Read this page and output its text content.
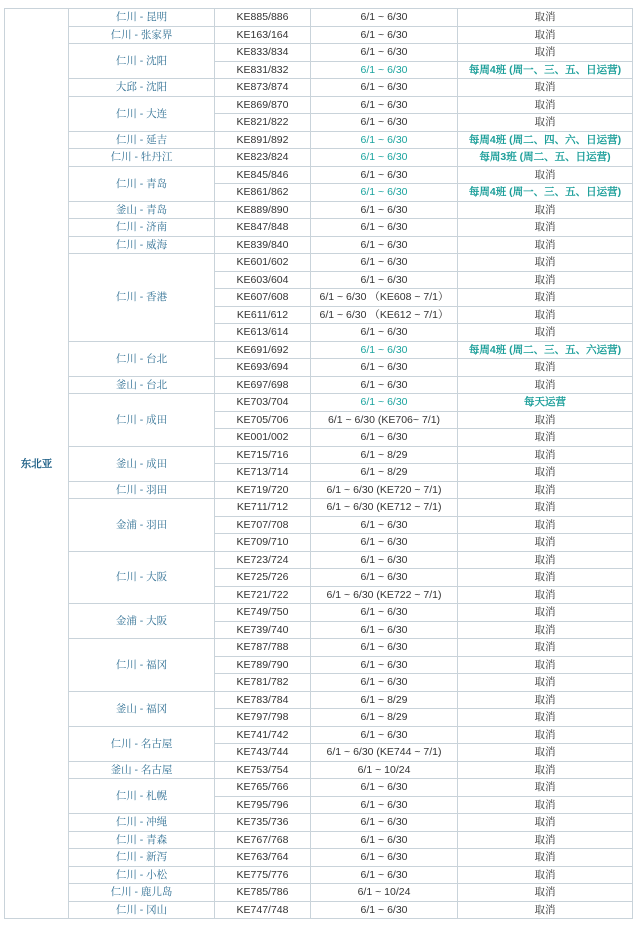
东北亚	仁川 - 昆明	KE885/886	6/1 ~ 6/30	取消
	仁川 - 张家界	KE163/164	6/1 ~ 6/30	取消
	仁川 - 沈阳	KE833/834	6/1 ~ 6/30	取消
		KE831/832	6/1 ~ 6/30	每周4班 (周一、三、五、日运营)
	大邱 - 沈阳	KE873/874	6/1 ~ 6/30	取消
	仁川 - 大连	KE869/870	6/1 ~ 6/30	取消
		KE821/822	6/1 ~ 6/30	取消
	仁川 - 延吉	KE891/892	6/1 ~ 6/30	每周4班 (周二、四、六、日运营)
	仁川 - 牡丹江	KE823/824	6/1 ~ 6/30	每周3班 (周二、五、日运营)
	仁川 - 青岛	KE845/846	6/1 ~ 6/30	取消
		KE861/862	6/1 ~ 6/30	每周4班 (周一、三、五、日运营)
	釜山 - 青岛	KE889/890	6/1 ~ 6/30	取消
	仁川 - 济南	KE847/848	6/1 ~ 6/30	取消
	仁川 - 威海	KE839/840	6/1 ~ 6/30	取消
	仁川 - 香港	KE601/602	6/1 ~ 6/30	取消
		KE603/604	6/1 ~ 6/30	取消
		KE607/608	6/1 ~ 6/30 （KE608 ~ 7/1）	取消
		KE611/612	6/1 ~ 6/30 （KE612 ~ 7/1）	取消
		KE613/614	6/1 ~ 6/30	取消
	仁川 - 台北	KE691/692	6/1 ~ 6/30	每周4班 (周二、三、五、六运营)
		KE693/694	6/1 ~ 6/30	取消
	釜山 - 台北	KE697/698	6/1 ~ 6/30	取消
	仁川 - 成田	KE703/704	6/1 ~ 6/30	每天运营
		KE705/706	6/1 ~ 6/30 (KE706~ 7/1)	取消
		KE001/002	6/1 ~ 6/30	取消
	釜山 - 成田	KE715/716	6/1 ~ 8/29	取消
		KE713/714	6/1 ~ 8/29	取消
	仁川 - 羽田	KE719/720	6/1 ~ 6/30 (KE720 ~ 7/1)	取消
	金浦 - 羽田	KE711/712	6/1 ~ 6/30 (KE712 ~ 7/1)	取消
		KE707/708	6/1 ~ 6/30	取消
		KE709/710	6/1 ~ 6/30	取消
	仁川 - 大阪	KE723/724	6/1 ~ 6/30	取消
		KE725/726	6/1 ~ 6/30	取消
		KE721/722	6/1 ~ 6/30 (KE722 ~ 7/1)	取消
	金浦 - 大阪	KE749/750	6/1 ~ 6/30	取消
		KE739/740	6/1 ~ 6/30	取消
	仁川 - 福冈	KE787/788	6/1 ~ 6/30	取消
		KE789/790	6/1 ~ 6/30	取消
		KE781/782	6/1 ~ 6/30	取消
	釜山 - 福冈	KE783/784	6/1 ~ 8/29	取消
		KE797/798	6/1 ~ 8/29	取消
	仁川 - 名古屋	KE741/742	6/1 ~ 6/30	取消
		KE743/744	6/1 ~ 6/30 (KE744 ~ 7/1)	取消
	釜山 - 名古屋	KE753/754	6/1 ~ 10/24	取消
	仁川 - 札幌	KE765/766	6/1 ~ 6/30	取消
		KE795/796	6/1 ~ 6/30	取消
	仁川 - 冲绳	KE735/736	6/1 ~ 6/30	取消
	仁川 - 青森	KE767/768	6/1 ~ 6/30	取消
	仁川 - 新泻	KE763/764	6/1 ~ 6/30	取消
	仁川 - 小松	KE775/776	6/1 ~ 6/30	取消
	仁川 - 鹿儿岛	KE785/786	6/1 ~ 10/24	取消
	仁川 - 冈山	KE747/748	6/1 ~ 6/30	取消
